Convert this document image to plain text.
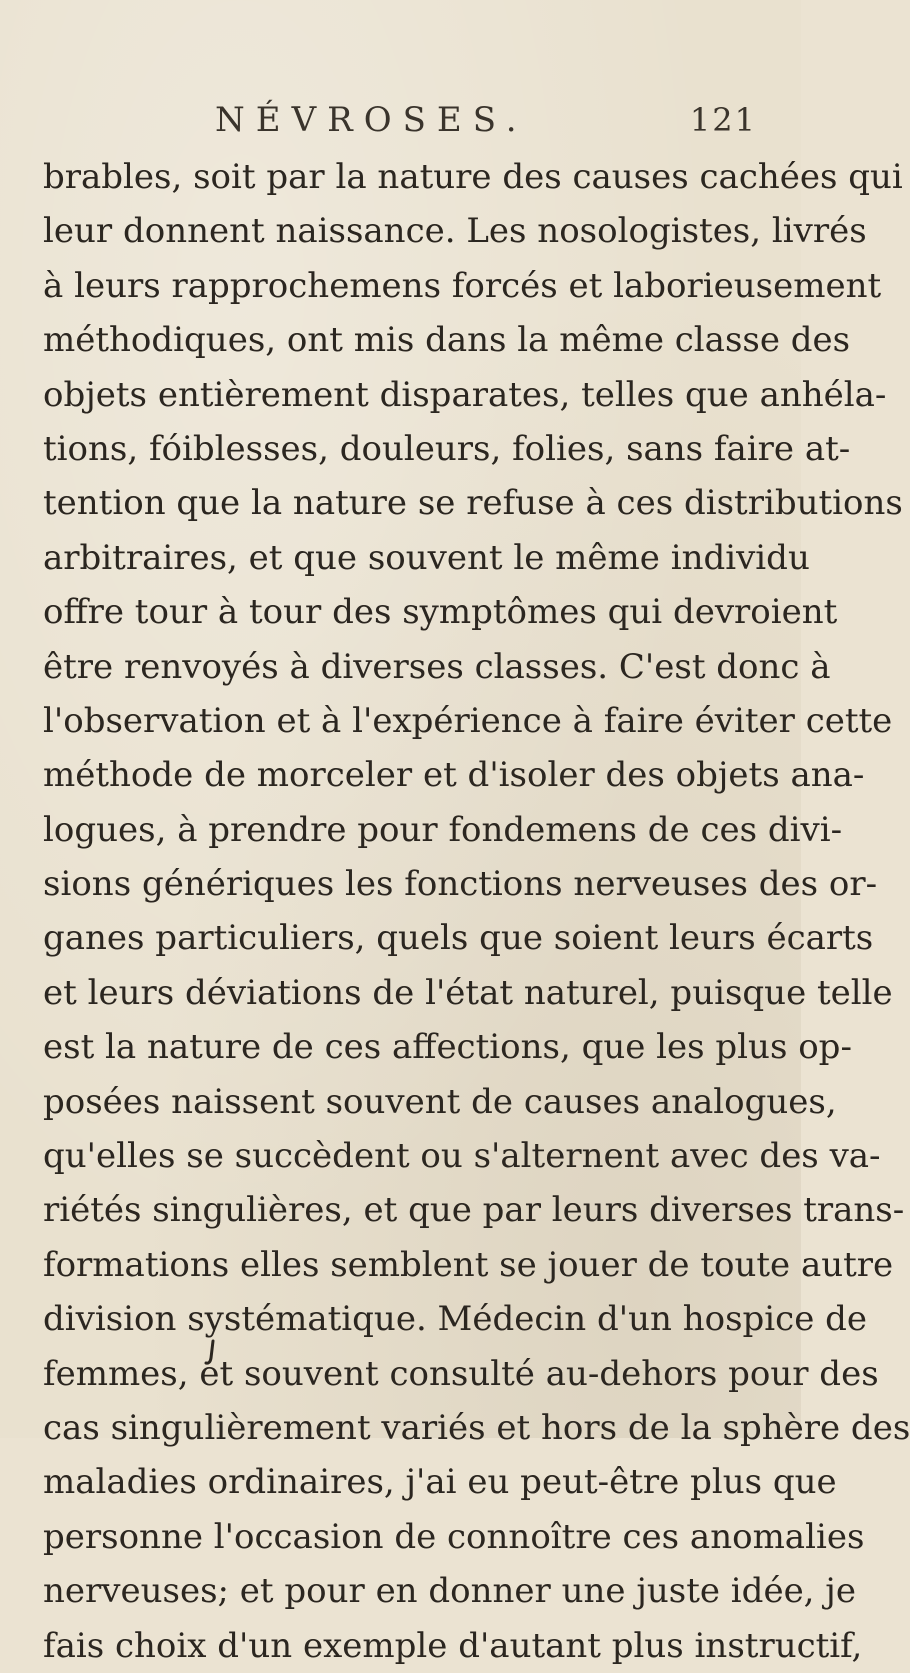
NÉVROSES.	121
brables, soit par la nature des causes cachées qui
leur donnent naissance. Les nosologistes, livrés
à leurs rapprochemens forcés et laborieusement
méthodiques, ont mis dans la même classe des
objets entièrement disparates, telles que anhéla-
tions, fóiblesses, douleurs, folies, sans faire at-
tention que la nature se refuse à ces distributions
arbitraires, et que souvent le même individu
offre tour à tour des symptômes qui devroient
être renvoyés à diverses classes. C'est donc à
l'observation et à l'expérience à faire éviter cette
méthode de morceler et d'isoler des objets ana-
logues, à prendre pour fondemens de ces divi-
sions génériques les fonctions nerveuses des or-
ganes particuliers, quels que soient leurs écarts
et leurs déviations de l'état naturel, puisque telle
est la nature de ces affections, que les plus op-
posées naissent souvent de causes analogues,
qu'elles se succèdent ou s'alternent avec des va-
riétés singulières, et que par leurs diverses trans-
formations elles semblent se jouer de toute autre
division systématique. Médecin d'un hospice de
femmes, et souvent consulté au-dehors pour des
cas singulièrement variés et hors de la sphère des
maladies ordinaires, j'ai eu peut-être plus que
personne l'occasion de connoître ces anomalies
nerveuses; et pour en donner une juste idée, je
fais choix d'un exemple d'autant plus instructif,
